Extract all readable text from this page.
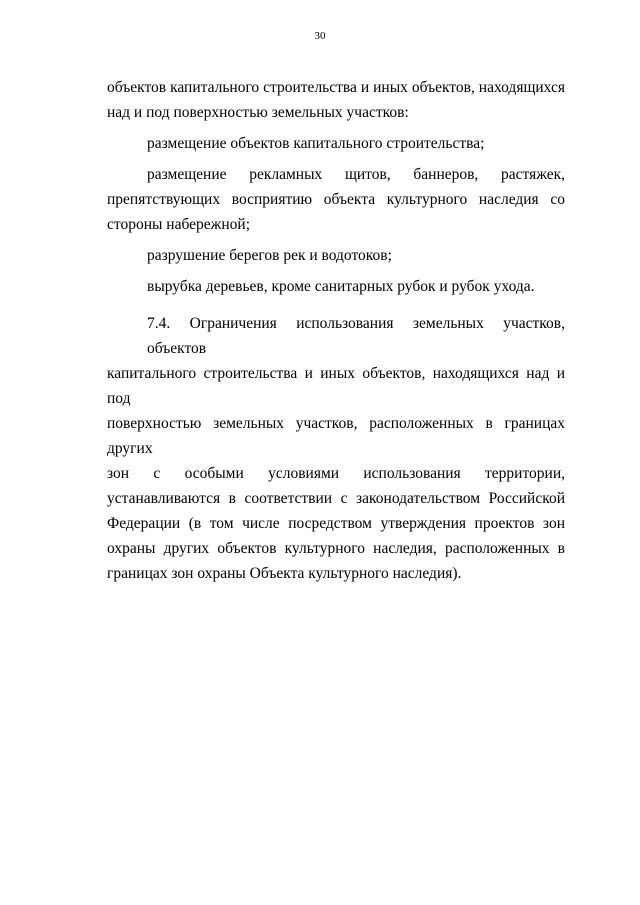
30
объектов капитального строительства и иных объектов, находящихся
над и под поверхностью земельных участков:
размещение объектов капитального строительства;
размещение рекламных щитов, баннеров, растяжек,
препятствующих восприятию объекта культурного наследия со
стороны набережной;
разрушение берегов рек и водотоков;
вырубка деревьев, кроме санитарных рубок и рубок ухода.
7.4. Ограничения использования земельных участков, объектов
капитального строительства и иных объектов, находящихся над и под
поверхностью земельных участков, расположенных в границах других
зон с особыми условиями использования территории,
устанавливаются в соответствии с законодательством Российской
Федерации (в том числе посредством утверждения проектов зон
охраны других объектов культурного наследия, расположенных в
границах зон охраны Объекта культурного наследия).
